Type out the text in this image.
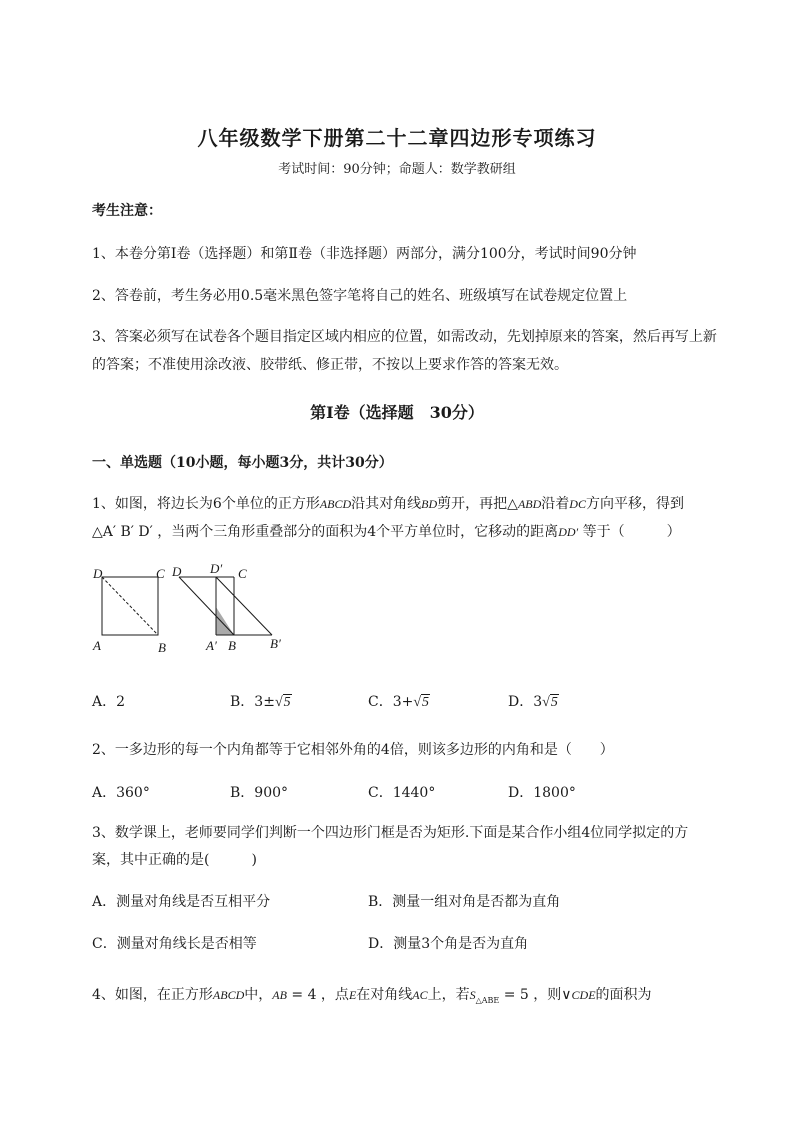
八年级数学下册第二十二章四边形专项练习
考试时间：90分钟；命题人：数学教研组
考生注意：
1、本卷分第I卷（选择题）和第Ⅱ卷（非选择题）两部分，满分100分，考试时间90分钟
2、答卷前，考生务必用0.5毫米黑色签字笔将自己的姓名、班级填写在试卷规定位置上
3、答案必须写在试卷各个题目指定区域内相应的位置，如需改动，先划掉原来的答案，然后再写上新
的答案；不准使用涂改液、胶带纸、修正带，不按以上要求作答的答案无效。
第I卷（选择题　30分）
一、单选题（10小题，每小题3分，共计30分）
1、如图，将边长为6个单位的正方形ABCD沿其对角线BD剪开，再把△ABD沿着DC方向平移，得到
△A′ B′ D′ ，当两个三角形重叠部分的面积为4个平方单位时，它移动的距离DD′ 等于（　　　）
D	C
A	B
D D′ C
A′ B	B′
A．2	B．3±√5	C．3+√5	D．3√5
2、一多边形的每一个内角都等于它相邻外角的4倍，则该多边形的内角和是（　　）
A．360°	B．900°	C．1440°	D．1800°
3、数学课上，老师要同学们判断一个四边形门框是否为矩形.下面是某合作小组4位同学拟定的方
案，其中正确的是(　　　)
A．测量对角线是否互相平分	B．测量一组对角是否都为直角
C．测量对角线长是否相等	D．测量3个角是否为直角
4、如图，在正方形ABCD中，AB = 4 ，点E在对角线AC上，若$S_{\triangle ABE} = 5$ ，则∨CDE的面积为
